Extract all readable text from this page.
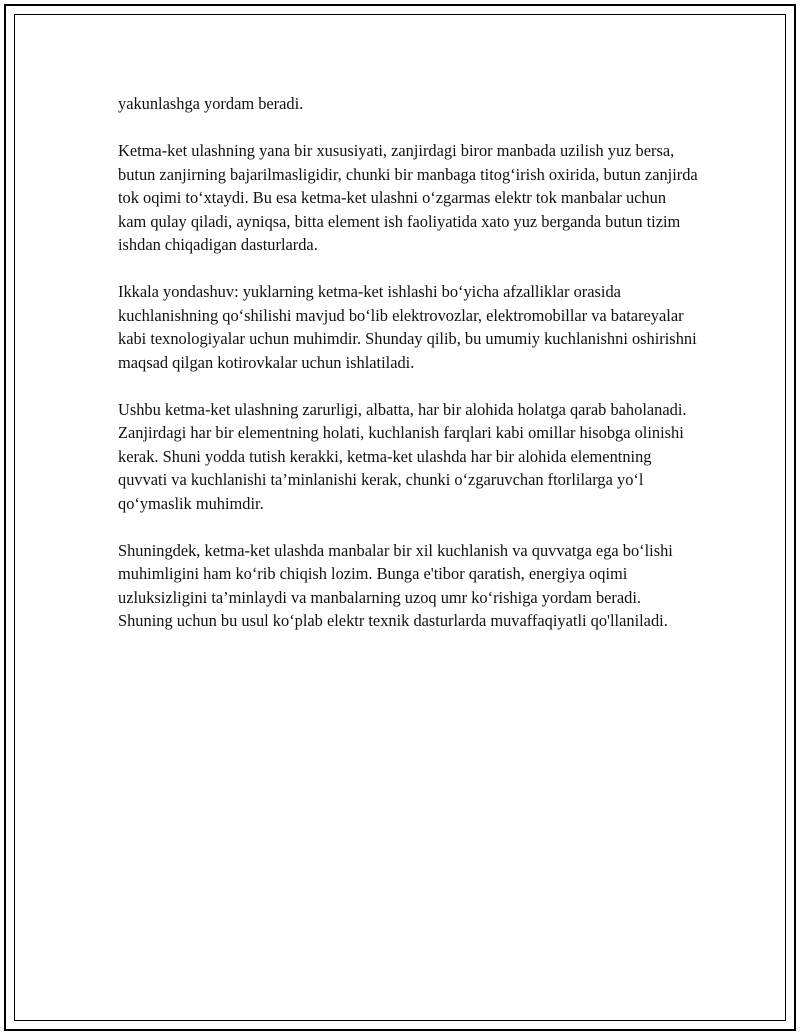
yakunlashga yordam beradi.

Ketma-ket ulashning yana bir xususiyati, zanjirdagi biror manbada uzilish yuz bersa, butun zanjirning bajarilmasligidir, chunki bir manbaga titog‘irish oxirida, butun zanjirda tok oqimi to‘xtaydi. Bu esa ketma-ket ulashni o‘zgarmas elektr tok manbalar uchun kam qulay qiladi, ayniqsa, bitta element ish faoliyatida xato yuz berganda butun tizim ishdan chiqadigan dasturlarda.

Ikkala yondashuv: yuklarning ketma-ket ishlashi bo‘yicha afzalliklar orasida kuchlanishning qo‘shilishi mavjud bo‘lib elektrovozlar, elektromobillar va batareyalar kabi texnologiyalar uchun muhimdir. Shunday qilib, bu umumiy kuchlanishni oshirishni maqsad qilgan kotirovkalar uchun ishlatiladi.

Ushbu ketma-ket ulashning zarurligi, albatta, har bir alohida holatga qarab baholanadi. Zanjirdagi har bir elementning holati, kuchlanish farqlari kabi omillar hisobga olinishi kerak. Shuni yodda tutish kerakki, ketma-ket ulashda har bir alohida elementning quvvati va kuchlanishi ta’minlanishi kerak, chunki o‘zgaruvchan ftorlilarga yo‘l qo‘ymaslik muhimdir.

Shuningdek, ketma-ket ulashda manbalar bir xil kuchlanish va quvvatga ega bo‘lishi muhimligini ham ko‘rib chiqish lozim. Bunga e'tibor qaratish, energiya oqimi uzluksizligini ta’minlaydi va manbalarning uzoq umr ko‘rishiga yordam beradi. Shuning uchun bu usul ko‘plab elektr texnik dasturlarda muvaffaqiyatli qo'llaniladi.
